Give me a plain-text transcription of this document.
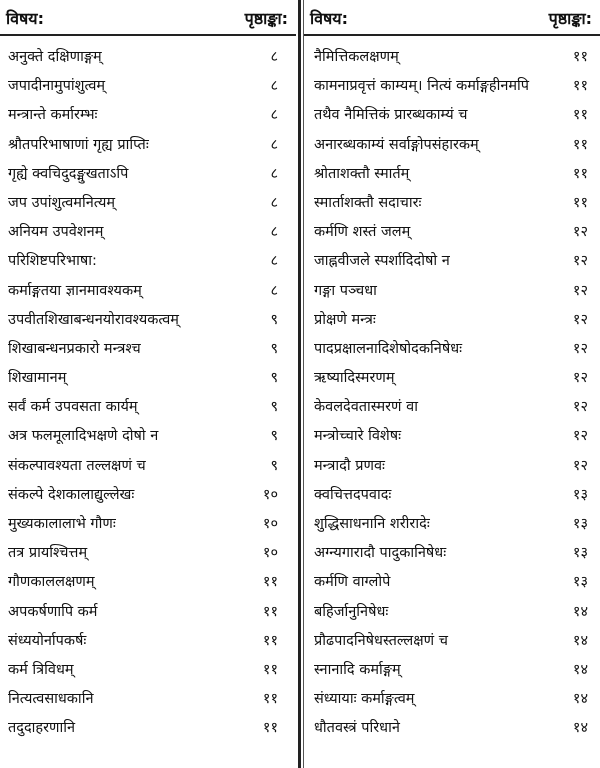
विषय:	पृष्ठाङ्का:
अनुक्ते दक्षिणाङ्गम्	८
जपादीनामुपांशुत्वम्	८
मन्त्रान्ते कर्मारम्भः	८
श्रौतपरिभाषाणां गृह्य प्राप्तिः	८
गृह्ये क्वचिदुदङ्मुखताऽपि	८
जप उपांशुत्वमनित्यम्	८
अनियम उपवेशनम्	८
परिशिष्टपरिभाषा:	८
कर्माङ्गतया ज्ञानमावश्यकम्	८
उपवीतशिखाबन्धनयोरावश्यकत्वम्	९
शिखाबन्धनप्रकारो मन्त्रश्च	९
शिखामानम्	९
सर्वं कर्म उपवसता कार्यम्	९
अत्र फलमूलादिभक्षणे दोषो न	९
संकल्पावश्यता तल्लक्षणं च	९
संकल्पे देशकालाद्युल्लेखः	१०
मुख्यकालालाभे गौणः	१०
तत्र प्रायश्चित्तम्	१०
गौणकाललक्षणम्	११
अपकर्षणापि कर्म	११
संध्ययोर्नापकर्षः	११
कर्म त्रिविधम्	११
नित्यत्वसाधकानि	११
तदुदाहरणानि	११
विषय:	पृष्ठाङ्का:
नैमित्तिकलक्षणम्	११
कामनाप्रवृत्तं काम्यम्। नित्यं कर्माङ्गहीनमपि	११
तथैव नैमित्तिकं प्रारब्धकाम्यं च	११
अनारब्धकाम्यं सर्वाङ्गोपसंहारकम्	११
श्रोताशक्तौ स्मार्तम्	११
स्मार्ताशक्तौ सदाचारः	११
कर्मणि शस्तं जलम्	१२
जाह्नवीजले स्पर्शादिदोषो न	१२
गङ्गा पञ्चधा	१२
प्रोक्षणे मन्त्रः	१२
पादप्रक्षालनादिशेषोदकनिषेधः	१२
ऋष्यादिस्मरणम्	१२
केवलदेवतास्मरणं वा	१२
मन्त्रोच्चारे विशेषः	१२
मन्त्रादौ प्रणवः	१२
क्वचित्तदपवादः	१३
शुद्धिसाधनानि शरीरादेः	१३
अग्न्यगारादौ पादुकानिषेधः	१३
कर्मणि वाग्लोपे	१३
बहिर्जानुनिषेधः	१४
प्रौढपादनिषेधस्तल्लक्षणं च	१४
स्नानादि कर्माङ्गम्	१४
संध्यायाः कर्माङ्गत्वम्	१४
धौतवस्त्रं परिधाने	१४
